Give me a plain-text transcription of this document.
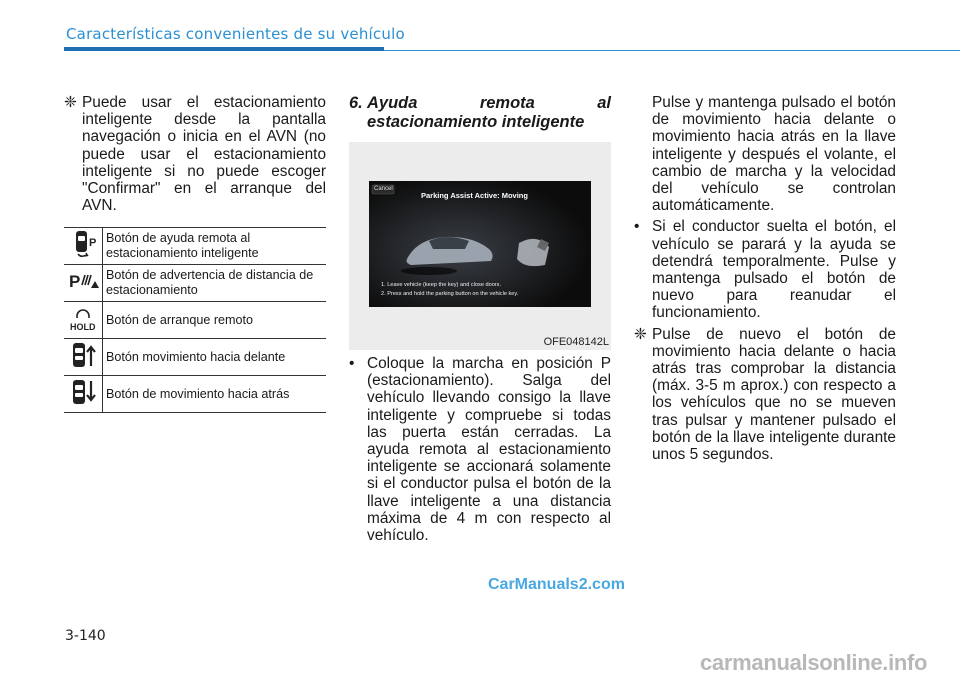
Características convenientes de su vehículo
❈ Puede usar el estacionamiento inteligente desde la pantalla navegación o inicia en el AVN (no puede usar el estacionamiento inteligente si no puede escoger "Confirmar" en el arranque del AVN.
P	Botón de ayuda remota al estacionamiento inteligente

P	Botón de advertencia de distancia de estacionamiento

HOLD	Botón de arranque remoto
	Botón movimiento hacia delante
	Botón de movimiento hacia atrás
6. Ayuda remota al estacionamiento inteligente
Cancel
Parking Assist Active: Moving
1. Leave vehicle (keep the key) and close doors.
2. Press and hold the parking button on the vehicle key.
OFE048142L
• Coloque la marcha en posición P (estacionamiento). Salga del vehículo llevando consigo la llave inteligente y compruebe si todas las puerta están cerradas. La ayuda remota al estacionamiento inteligente se accionará solamente si el conductor pulsa el botón de la llave inteligente a una distancia máxima de 4 m con respecto al vehículo.
Pulse y mantenga pulsado el botón de movimiento hacia delante o movimiento hacia atrás en la llave inteligente y después el volante, el cambio de marcha y la velocidad del vehículo se controlan automáticamente.
• Si el conductor suelta el botón, el vehículo se parará y la ayuda se detendrá temporalmente. Pulse y mantenga pulsado el botón de nuevo para reanudar el funcionamiento.
❈ Pulse de nuevo el botón de movimiento hacia delante o hacia atrás tras comprobar la distancia (máx. 3-5 m aprox.) con respecto a los vehículos que no se mueven tras pulsar y mantener pulsado el botón de la llave inteligente durante unos 5 segundos.
3-140
CarManuals2.com
carmanualsonline.info
